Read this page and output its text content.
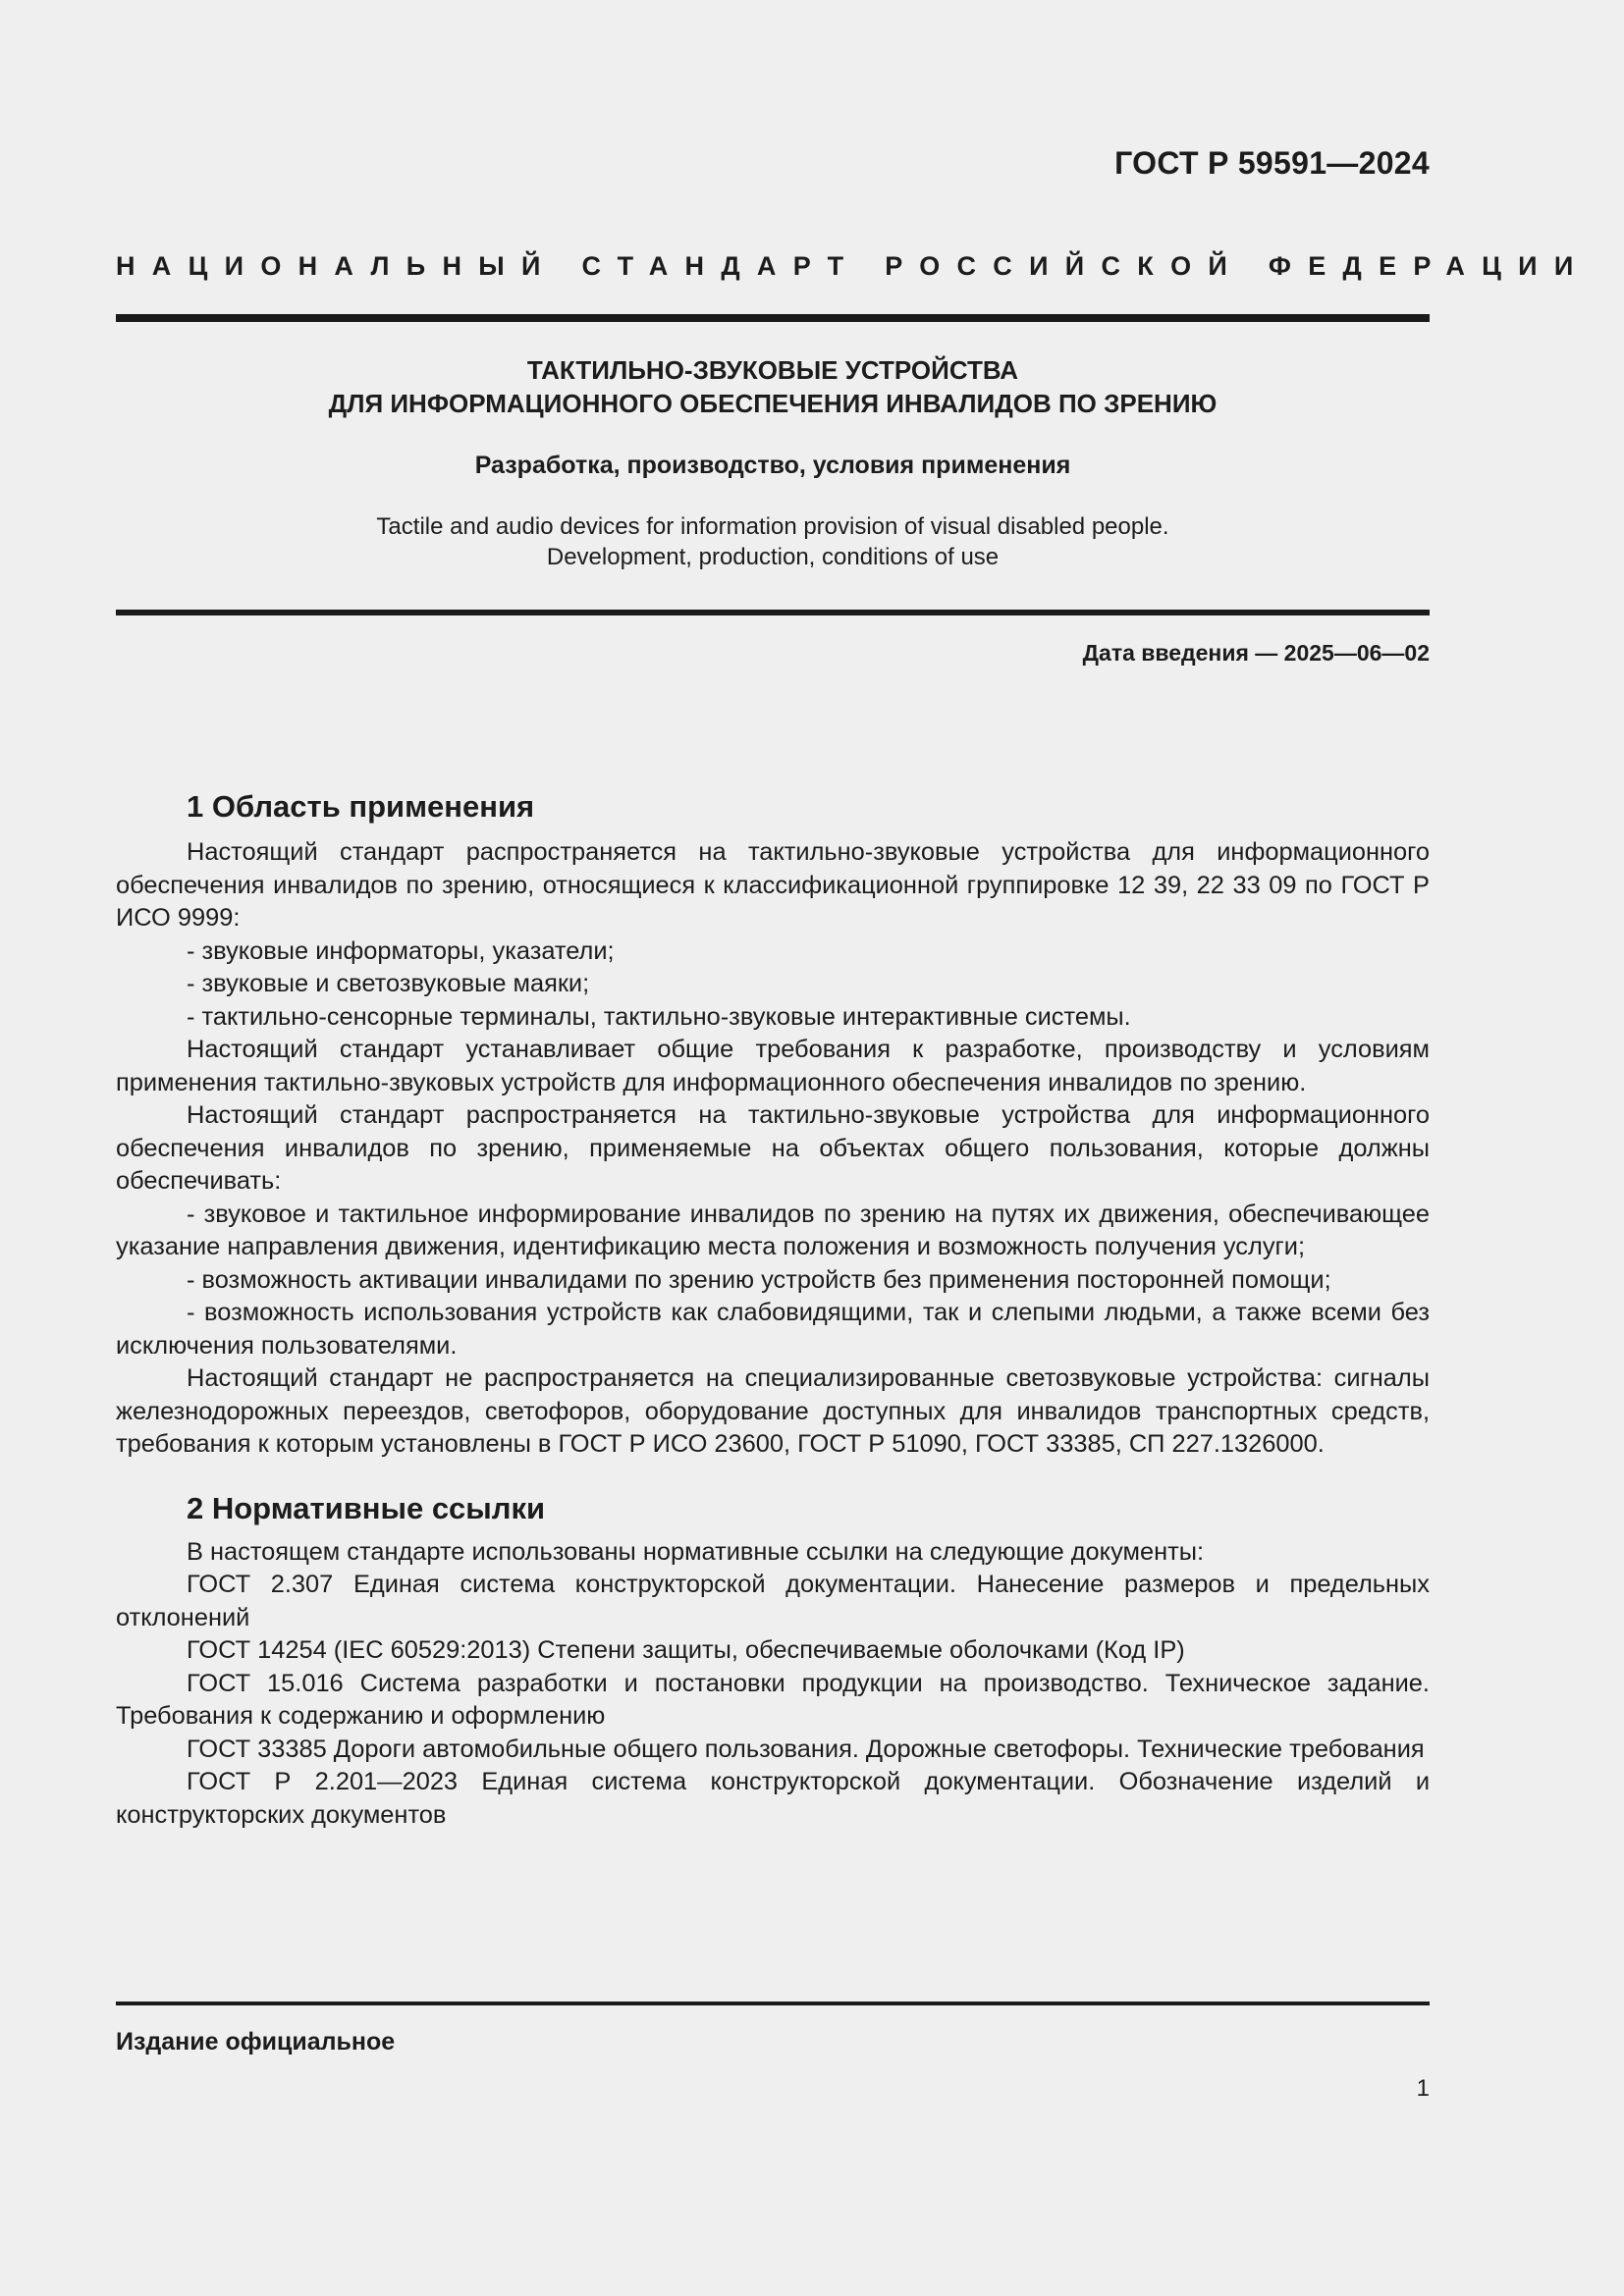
ГОСТ Р 59591—2024
НАЦИОНАЛЬНЫЙ СТАНДАРТ РОССИЙСКОЙ ФЕДЕРАЦИИ
ТАКТИЛЬНО-ЗВУКОВЫЕ УСТРОЙСТВА
ДЛЯ ИНФОРМАЦИОННОГО ОБЕСПЕЧЕНИЯ ИНВАЛИДОВ ПО ЗРЕНИЮ
Разработка, производство, условия применения
Tactile and audio devices for information provision of visual disabled people.
Development, production, conditions of use
Дата введения — 2025—06—02
1 Область применения

Настоящий стандарт распространяется на тактильно-звуковые устройства для информационного обеспечения инвалидов по зрению, относящиеся к классификационной группировке 12 39, 22 33 09 по ГОСТ Р ИСО 9999:

- звуковые информаторы, указатели;

- звуковые и светозвуковые маяки;

- тактильно-сенсорные терминалы, тактильно-звуковые интерактивные системы.

Настоящий стандарт устанавливает общие требования к разработке, производству и условиям применения тактильно-звуковых устройств для информационного обеспечения инвалидов по зрению.

Настоящий стандарт распространяется на тактильно-звуковые устройства для информационного обеспечения инвалидов по зрению, применяемые на объектах общего пользования, которые должны обеспечивать:

- звуковое и тактильное информирование инвалидов по зрению на путях их движения, обеспечивающее указание направления движения, идентификацию места положения и возможность получения услуги;

- возможность активации инвалидами по зрению устройств без применения посторонней помощи;

- возможность использования устройств как слабовидящими, так и слепыми людьми, а также всеми без исключения пользователями.

Настоящий стандарт не распространяется на специализированные светозвуковые устройства: сигналы железнодорожных переездов, светофоров, оборудование доступных для инвалидов транспортных средств, требования к которым установлены в ГОСТ Р ИСО 23600, ГОСТ Р 51090, ГОСТ 33385, СП 227.1326000.

2 Нормативные ссылки

В настоящем стандарте использованы нормативные ссылки на следующие документы:

ГОСТ 2.307 Единая система конструкторской документации. Нанесение размеров и предельных отклонений

ГОСТ 14254 (IEC 60529:2013) Степени защиты, обеспечиваемые оболочками (Код IP)

ГОСТ 15.016 Система разработки и постановки продукции на производство. Техническое задание. Требования к содержанию и оформлению

ГОСТ 33385 Дороги автомобильные общего пользования. Дорожные светофоры. Технические требования

ГОСТ Р 2.201—2023 Единая система конструкторской документации. Обозначение изделий и конструкторских документов

Издание официальное
1
